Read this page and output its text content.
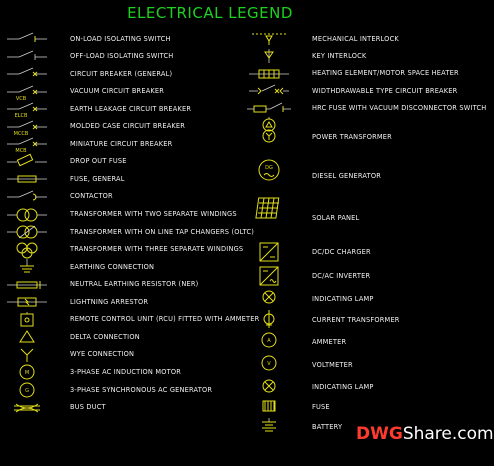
ELECTRICAL LEGEND
ON-LOAD ISOLATING SWITCH
OFF-LOAD ISOLATING SWITCH
CIRCUIT BREAKER (GENERAL)
VCB
VACUUM CIRCUIT BREAKER
ELCB
EARTH LEAKAGE CIRCUIT BREAKER
MCCB
MOLDED CASE CIRCUIT BREAKER
MCB
MINIATURE CIRCUIT BREAKER
DROP OUT FUSE
FUSE, GENERAL
CONTACTOR
TRANSFORMER WITH TWO SEPARATE WINDINGS
TRANSFORMER WITH ON LINE TAP CHANGERS (OLTC)
TRANSFORMER WITH THREE SEPARATE WINDINGS
EARTHING CONNECTION
NEUTRAL EARTHING RESISTOR (NER)
LIGHTNING ARRESTOR
REMOTE CONTROL UNIT (RCU) FITTED WITH AMMETER
DELTA CONNECTION
WYE CONNECTION
M	3-PHASE AC INDUCTION MOTOR
G	3-PHASE SYNCHRONOUS AC GENERATOR
BUS DUCT
MECHANICAL INTERLOCK
KEY INTERLOCK
HEATING ELEMENT/MOTOR SPACE HEATER
WIDTHDRAWABLE TYPE CIRCUIT BREAKER
HRC FUSE WITH VACUUM DISCONNECTOR SWITCH
POWER TRANSFORMER
DG
DIESEL GENERATOR
SOLAR PANEL
DC/DC CHARGER
DC/AC INVERTER
INDICATING LAMP
CURRENT TRANSFORMER
A	AMMETER
V	VOLTMETER
INDICATING LAMP
FUSE
BATTERY DWGShare.com
